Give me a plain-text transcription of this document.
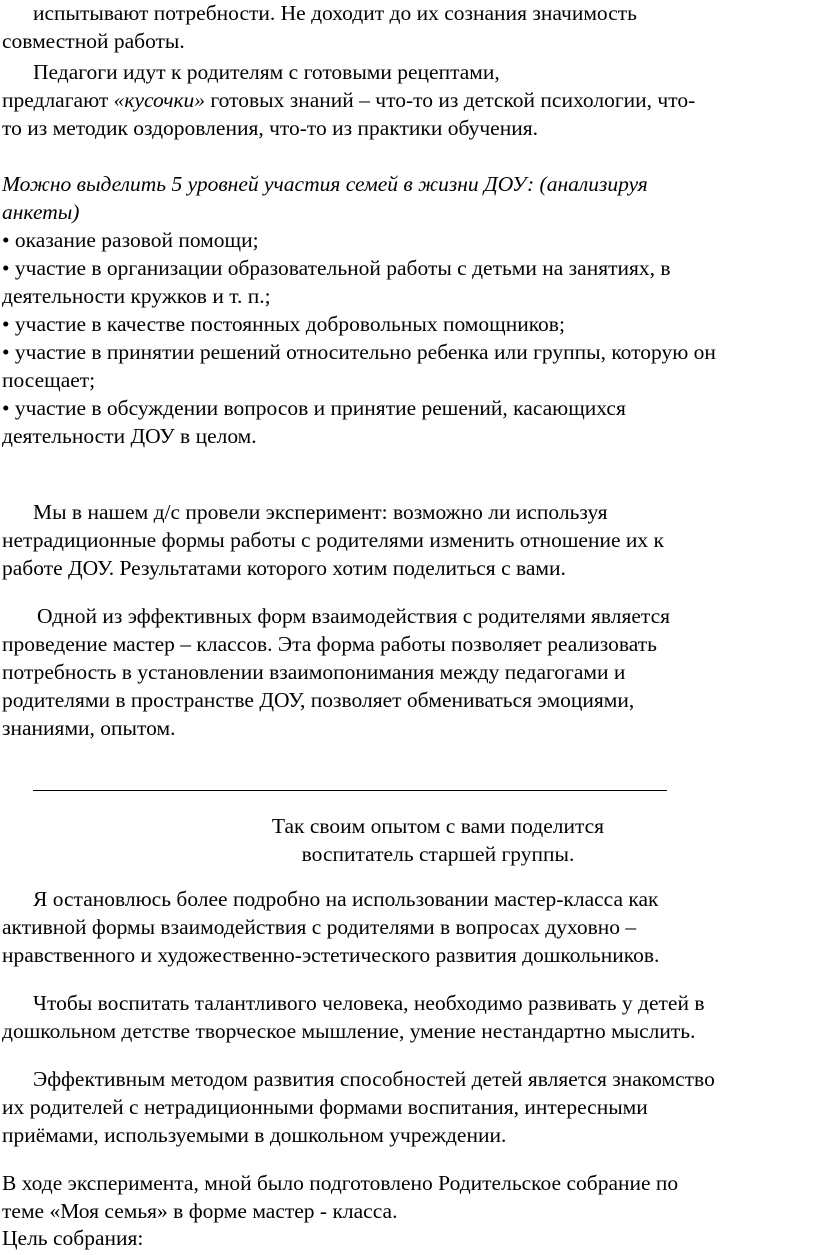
испытывают потребности. Не доходит до их сознания значимость
совместной работы.
Педагоги идут к родителям с готовыми рецептами,
предлагают «кусочки» готовых знаний – что-то из детской психологии, что-
то из методик оздоровления, что-то из практики обучения.
Можно выделить 5 уровней участия семей в жизни ДОУ: (анализируя
анкеты)
• оказание разовой помощи;
• участие в организации образовательной работы с детьми на занятиях, в
деятельности кружков и т. п.;
• участие в качестве постоянных добровольных помощников;
• участие в принятии решений относительно ребенка или группы, которую он
посещает;
• участие в обсуждении вопросов и принятие решений, касающихся
деятельности ДОУ в целом.
Мы в нашем д/с провели эксперимент: возможно ли используя
нетрадиционные формы работы с родителями изменить отношение их к
работе ДОУ. Результатами которого хотим поделиться с вами.
Одной из эффективных форм взаимодействия с родителями является
проведение мастер – классов. Эта форма работы позволяет реализовать
потребность в установлении взаимопонимания между педагогами и
родителями в пространстве ДОУ, позволяет обмениваться эмоциями,
знаниями, опытом.
Так своим опытом с вами поделится
воспитатель старшей группы.
Я остановлюсь более подробно на использовании мастер-класса как
активной формы взаимодействия с родителями в вопросах духовно –
нравственного и художественно-эстетического развития дошкольников.
Чтобы воспитать талантливого человека, необходимо развивать у детей в
дошкольном детстве творческое мышление, умение нестандартно мыслить.
Эффективным методом развития способностей детей является знакомство
их родителей с нетрадиционными формами воспитания, интересными
приёмами, используемыми в дошкольном учреждении.
В ходе эксперимента, мной было подготовлено Родительское собрание по
теме «Моя семья» в форме мастер - класса.
Цель собрания:
